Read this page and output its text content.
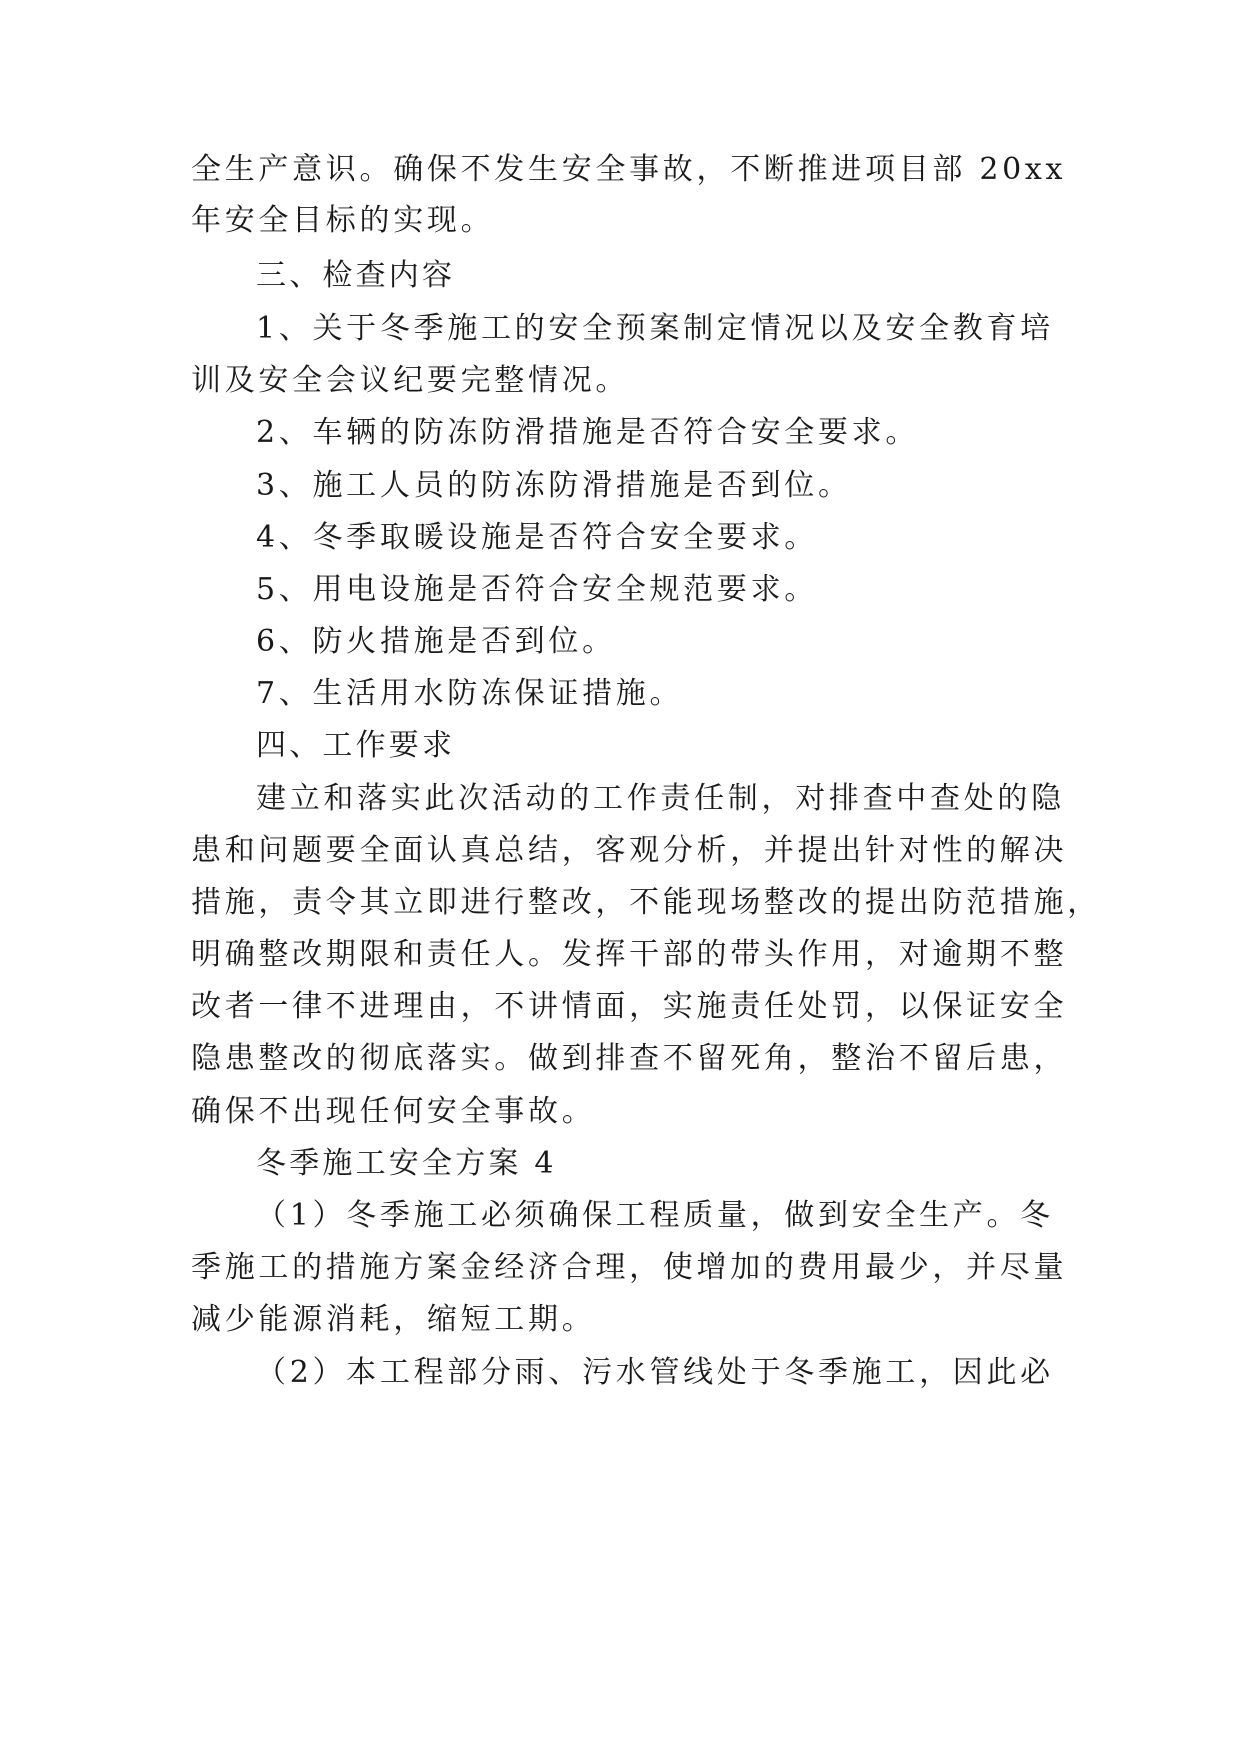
全生产意识。确保不发生安全事故，不断推进项目部 20xx

年安全目标的实现。

三、检查内容

1、关于冬季施工的安全预案制定情况以及安全教育培

训及安全会议纪要完整情况。

2、车辆的防冻防滑措施是否符合安全要求。

3、施工人员的防冻防滑措施是否到位。

4、冬季取暖设施是否符合安全要求。

5、用电设施是否符合安全规范要求。

6、防火措施是否到位。

7、生活用水防冻保证措施。

四、工作要求

建立和落实此次活动的工作责任制，对排查中查处的隐

患和问题要全面认真总结，客观分析，并提出针对性的解决

措施，责令其立即进行整改，不能现场整改的提出防范措施，

明确整改期限和责任人。发挥干部的带头作用，对逾期不整

改者一律不进理由，不讲情面，实施责任处罚，以保证安全

隐患整改的彻底落实。做到排查不留死角，整治不留后患，

确保不出现任何安全事故。

冬季施工安全方案 4

（1）冬季施工必须确保工程质量，做到安全生产。冬

季施工的措施方案金经济合理，使增加的费用最少，并尽量

减少能源消耗，缩短工期。

（2）本工程部分雨、污水管线处于冬季施工，因此必
